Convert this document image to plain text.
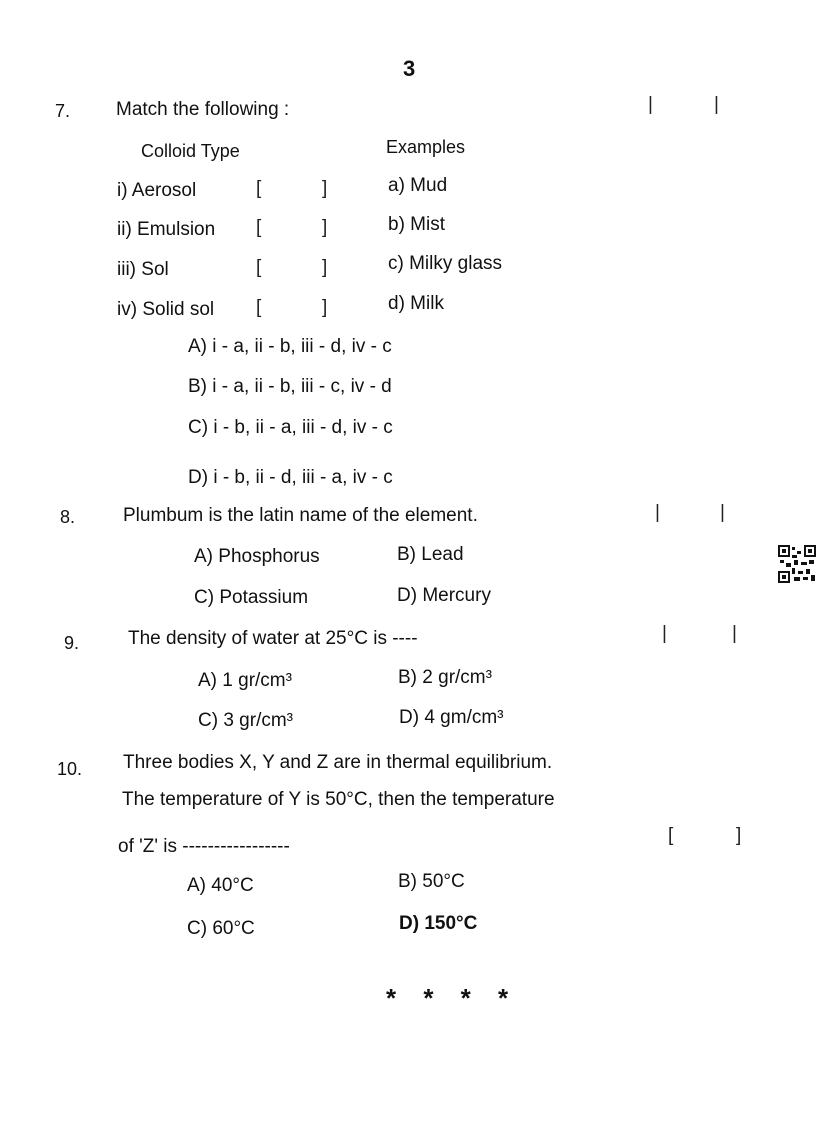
3
7. Match the following :	|	|
Colloid Type	Examples
i) Aerosol	[	]	a) Mud
ii) Emulsion [	]	b) Mist
iii) Sol	[	]	c) Milky glass
iv) Solid sol [	]	d) Milk
A) i - a, ii - b, iii - d, iv - c
B) i - a, ii - b, iii - c, iv - d
C) i - b, ii - a, iii - d, iv - c
D) i - b, ii - d, iii - a, iv - c
8.	Plumbum is the latin name of the element.	|	|
A) Phosphorus	B) Lead
C) Potassium	D) Mercury
9.	The density of water at 25°C is ----	|	|
A) 1 gr/cm³	B) 2 gr/cm³
C) 3 gr/cm³	D) 4 gm/cm³
10. Three bodies X, Y and Z are in thermal equilibrium.
The temperature of Y is 50°C, then the temperature
of 'Z' is -----------------
[	]
A) 40°C	B) 50°C
C) 60°C	D) 150°C
* * * *
